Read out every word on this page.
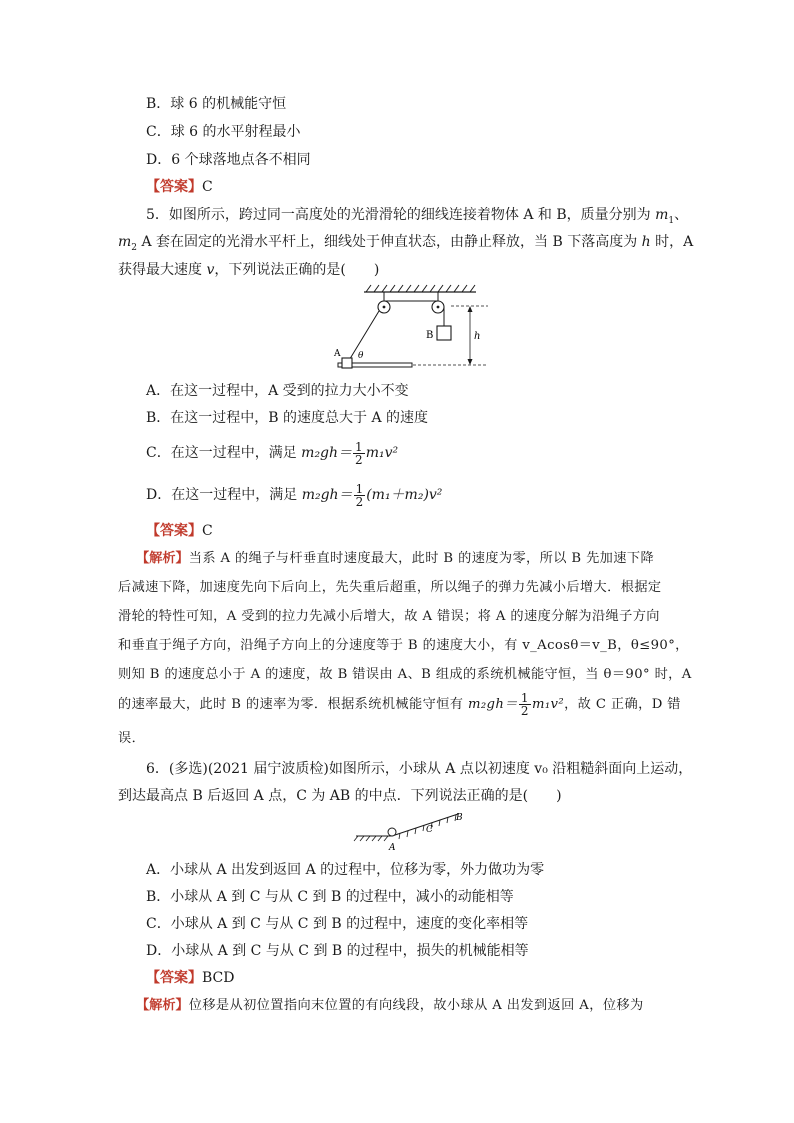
B．球 6 的机械能守恒
C．球 6 的水平射程最小
D．6 个球落地点各不相同
【答案】C
5．如图所示，跨过同一高度处的光滑滑轮的细线连接着物体 A 和 B，质量分别为 $m_1$、
$m_2$ A 套在固定的光滑水平杆上，细线处于伸直状态，由静止释放，当 B 下落高度为 h 时，A
获得最大速度 v，下列说法正确的是(　　)
B	h
A θ
A．在这一过程中，A 受到的拉力大小不变
B．在这一过程中，B 的速度总大于 A 的速度
C．在这一过程中，满足 $m_2gh= \frac{1}{2} m_1v^2$
D．在这一过程中，满足 $m_2gh= \frac{1}{2} (m_1+m_2)v^2$
【答案】C
【解析】当系 A 的绳子与杆垂直时速度最大，此时 B 的速度为零，所以 B 先加速下降
后减速下降，加速度先向下后向上，先失重后超重，所以绳子的弹力先减小后增大．根据定
滑轮的特性可知，A 受到的拉力先减小后增大，故 A 错误；将 A 的速度分解为沿绳子方向
和垂直于绳子方向，沿绳子方向上的分速度等于 B 的速度大小，有 v_Acosθ＝v_B，θ≤90°，
则知 B 的速度总小于 A 的速度，故 B 错误由 A、B 组成的系统机械能守恒，当 θ＝90° 时，A
的速率最大，此时 B 的速率为零．根据系统机械能守恒有 $m_2gh= \frac{1}{2} m_1v^2$，故 C 正确，D 错
误．
6．(多选)(2021 届宁波质检)如图所示，小球从 A 点以初速度 v₀ 沿粗糙斜面向上运动，
到达最高点 B 后返回 A 点，C 为 AB 的中点．下列说法正确的是(　　)
A
C
B
A．小球从 A 出发到返回 A 的过程中，位移为零，外力做功为零
B．小球从 A 到 C 与从 C 到 B 的过程中，减小的动能相等
C．小球从 A 到 C 与从 C 到 B 的过程中，速度的变化率相等
D．小球从 A 到 C 与从 C 到 B 的过程中，损失的机械能相等
【答案】BCD
【解析】位移是从初位置指向末位置的有向线段，故小球从 A 出发到返回 A，位移为
